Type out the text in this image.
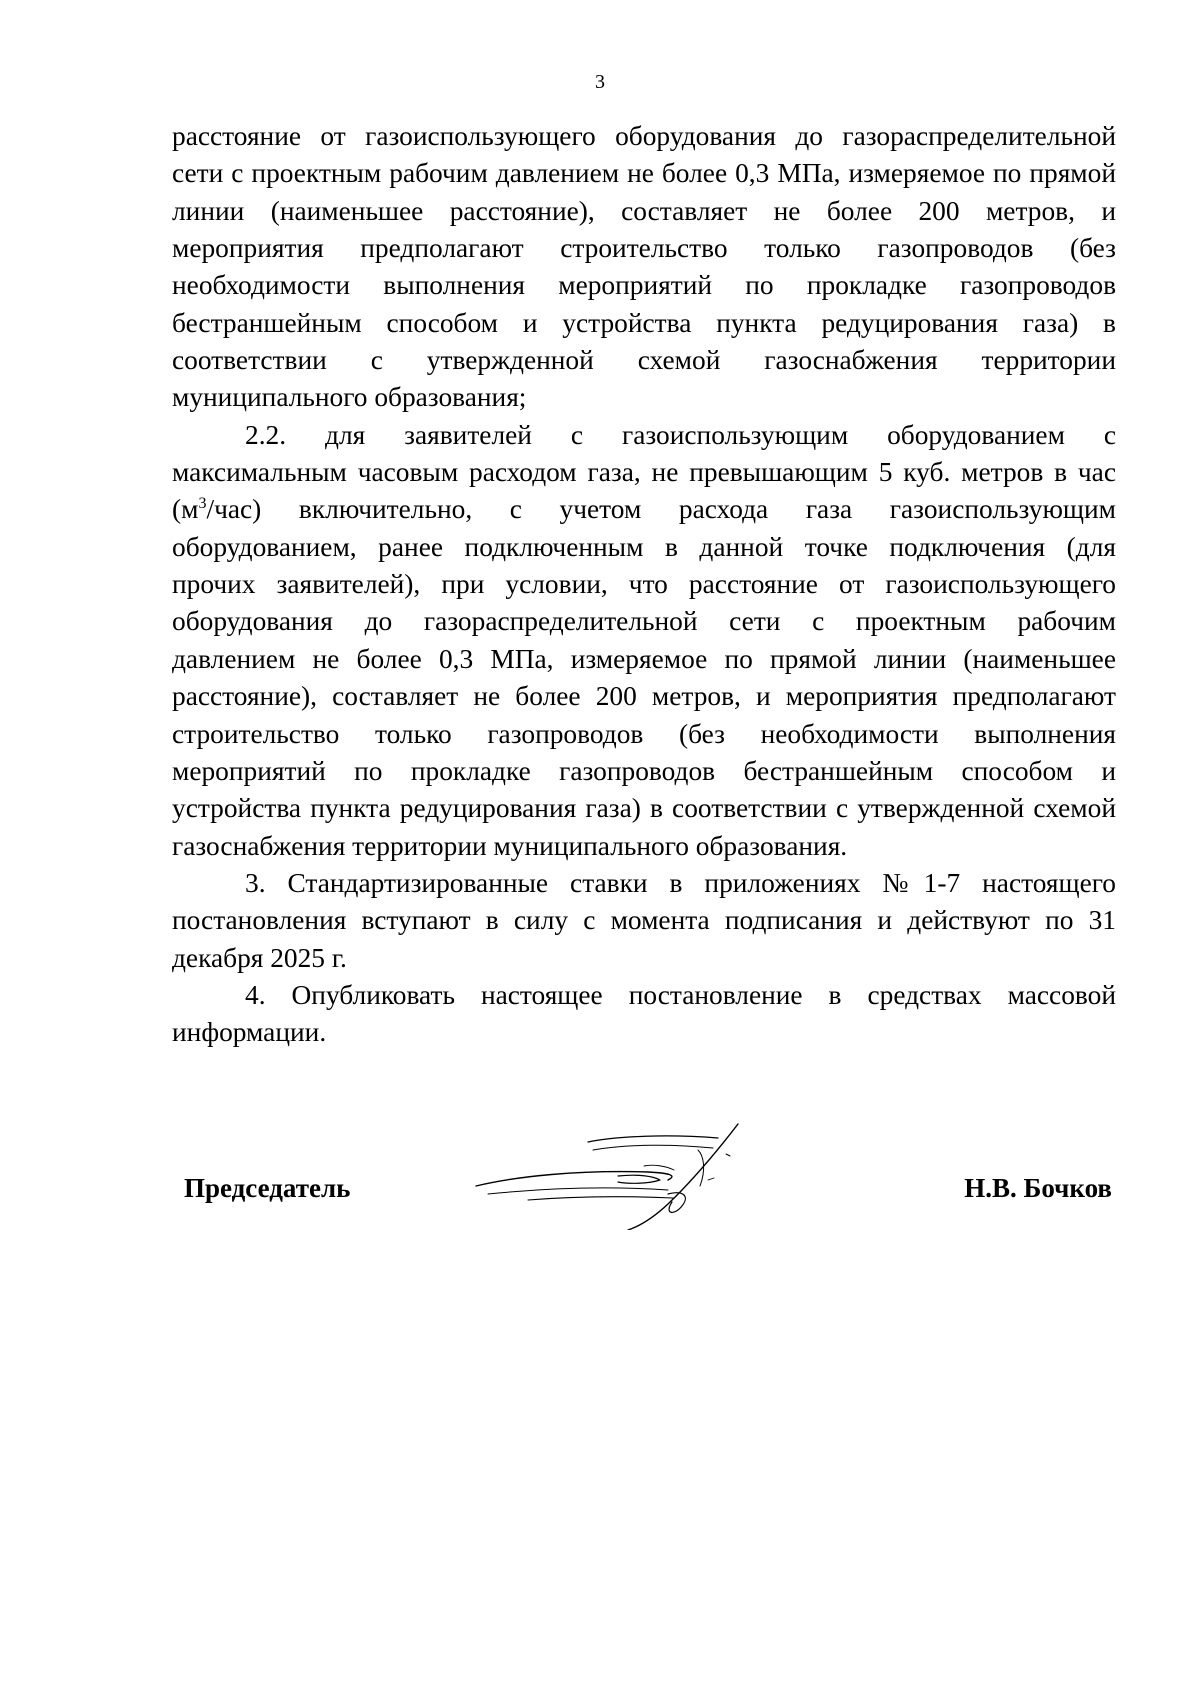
3

расстояние от газоиспользующего оборудования до газораспределительной
сети с проектным рабочим давлением не более 0,3 МПа, измеряемое по прямой
линии (наименьшее расстояние), составляет не более 200 метров, и
мероприятия предполагают строительство только газопроводов (без
необходимости выполнения мероприятий по прокладке газопроводов
бестраншейным способом и устройства пункта редуцирования газа) в
соответствии с утвержденной схемой газоснабжения территории
муниципального образования;

2.2. для заявителей с газоиспользующим оборудованием с
максимальным часовым расходом газа, не превышающим 5 куб. метров в час
$(м^3/час)$ включительно, с учетом расхода газа газоиспользующим
оборудованием, ранее подключенным в данной точке подключения (для
прочих заявителей), при условии, что расстояние от газоиспользующего
оборудования до газораспределительной сети с проектным рабочим
давлением не более 0,3 МПа, измеряемое по прямой линии (наименьшее
расстояние), составляет не более 200 метров, и мероприятия предполагают
строительство только газопроводов (без необходимости выполнения
мероприятий по прокладке газопроводов бестраншейным способом и
устройства пункта редуцирования газа) в соответствии с утвержденной схемой
газоснабжения территории муниципального образования.

3. Стандартизированные ставки в приложениях №1-7 настоящего
постановления вступают в силу с момента подписания и действуют по 31
декабря 2025 г.

4. Опубликовать настоящее постановление в средствах массовой
информации.

Председатель	Н.В. Бочков
